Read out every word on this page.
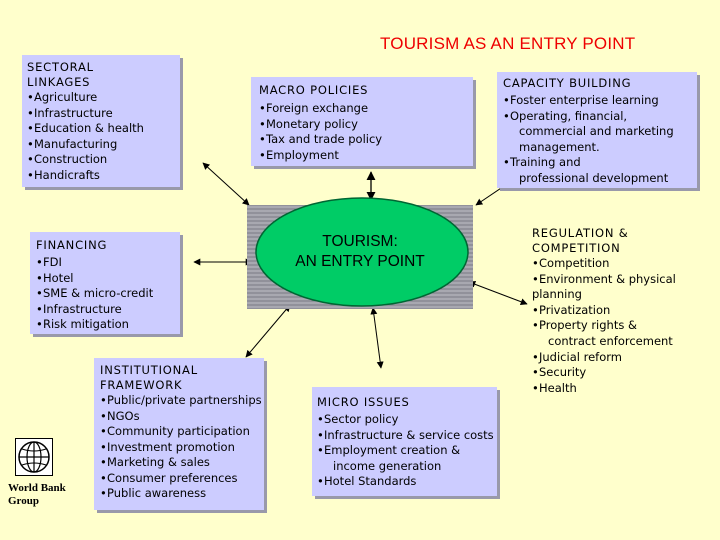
TOURISM AS AN ENTRY POINT
TOURISM:
AN ENTRY POINT
SECTORAL
LINKAGES
• Agriculture
• Infrastructure
• Education & health
• Manufacturing
• Construction
• Handicrafts
MACRO POLICIES
• Foreign exchange
• Monetary policy
• Tax and trade policy
• Employment
CAPACITY BUILDING
• Foster enterprise learning
• Operating, financial,
commercial and marketing
management.
• Training and
professional development
FINANCING
• FDI
• Hotel
• SME & micro-credit
• Infrastructure
• Risk mitigation
REGULATION &
COMPETITION
• Competition
• Environment & physical
planning
• Privatization
• Property rights &
contract enforcement
• Judicial reform
• Security
• Health
INSTITUTIONAL
FRAMEWORK
• Public/private partnerships
• NGOs
• Community participation
• Investment promotion
• Marketing & sales
• Consumer preferences
• Public awareness
MICRO ISSUES
• Sector policy
• Infrastructure & service costs
• Employment creation &
income generation
• Hotel Standards
World Bank
Group
